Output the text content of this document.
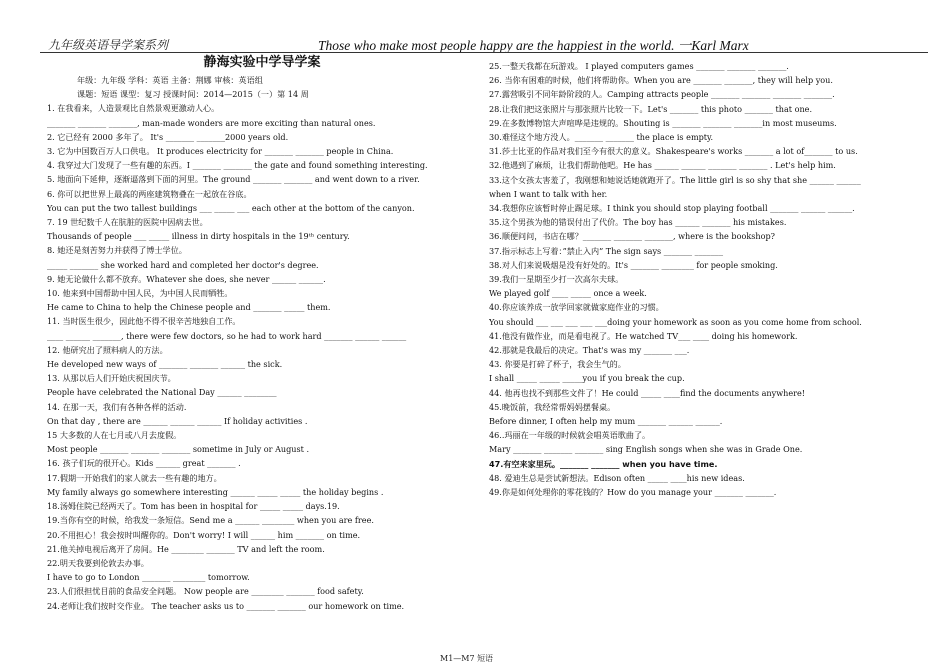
九年级英语导学案系列	Those who make most people happy are the happiest in the world. 一Karl Marx
静海实验中学导学案
年级：九年级 学科：英语 主备：荆娜 审核：英语组
课题：短语 课型：复习 授课时间：2014—2015（一）第 14 周
1. 在我看来，人造景观比自然景观更激动人心。
_______ _______ _______, man-made wonders are more exciting than natural ones.
2. 它已经有 2000 多年了。 It's _______ _______2000 years old.
3. 它为中国数百万人口供电。 It produces electricity for _______ _______ people in China.
4. 我穿过大门发现了一些有趣的东西。I _______ _______ the gate and found something interesting.
5. 地面向下延伸，逐渐逼落到下面的河里。The ground _______ _______ and went down to a river.
6. 你可以把世界上最高的两座建筑物叠在一起放在谷底。
You can put the two tallest buildings ___ _____ ___ each other at the bottom of the canyon.
7. 19 世纪数千人在肮脏的医院中因病去世。
Thousands of people ___ _____ illness in dirty hospitals in the 19ᵗʰ century.
8. 她还是刻苦努力并获得了博士学位。
_____ _______ she worked hard and completed her doctor's degree.
9. 她无论做什么都不放弃。Whatever she does, she never ______ ______.
10. 他来到中国帮助中国人民，为中国人民而牺牲。
He came to China to help the Chinese people and _______ _____ them.
11. 当时医生很少，因此他不得不很辛苦地独自工作。
____ ______ _______, there were few doctors, so he had to work hard _______ ______ ______
12. 他研究出了照料病人的方法。
He developed new ways of _______ _______ ______ the sick.
13. 从那以后人们开始庆祝国庆节。
People have celebrated the National Day ______ ________
14. 在那一天，我们有各种各样的活动.
On that day , there are ______ ______ ______ If holiday activities .
15 大多数的人在七月或八月去度假。
Most people _______ _______ _______ sometime in July or August .
16. 孩子们玩的很开心。Kids ______ great _______ .
17.假期一开始我们的家人就去一些有趣的地方。
My family always go somewhere interesting ______ _____ _____ the holiday begins .
18.汤姆住院已经两天了。Tom has been in hospital for _____ _____ days.19.
19.当你有空的时候，给我发一条短信。Send me a ______ ________ when you are free.
20.不用担心！我会按时叫醒你的。Don't worry! I will ______ him _______ on time.
21.他关掉电视后离开了房间。He ________ _______ TV and left the room.
22.明天我要到伦敦去办事。
I have to go to London _______ ________ tomorrow.
23.人们很担忧目前的食品安全问题。 Now people are ________ _______ food safety.
24.老师让我们按时交作业。 The teacher asks us to _______ _______ our homework on time.
25.一整天我都在玩游戏。 I played computers games _______ _______ _______.
26. 当你有困难的时候，他们将帮助你。When you are _______ _______, they will help you.
27.露营吸引不同年龄阶段的人。Camping attracts people _______ _______ _______ _______.
28.让我们把这张照片与那张照片比较一下。Let's _______ this photo _______ that one.
29.在多数博物馆大声喧哗是违规的。Shouting is _______ _______ _______in most museums.
30.难怪这个地方没人。_______ _______ the place is empty.
31.莎士比亚的作品对我们至今有很大的意义。Shakespeare's works _______ a lot of_______ to us.
32.他遇到了麻烦，让我们帮助他吧。He has ______ ______ _______ _______ . Let's help him.
33.这个女孩太害羞了，我刚想和她说话她就跑开了。The little girl is so shy that she ______ ______
when I want to talk with her.
34.我想你应该暂时停止踢足球。I think you should stop playing football _______ ______ ______.
35.这个男孩为他的错误付出了代价。The boy has ______ _______ his mistakes.
36.顺便问问，书店在哪？_______ _______ _______, where is the bookshop?
37.指示标志上写着：”禁止入内” The sign says _______ _______
38.对人们来说吸烟是没有好处的。It's _______ ________ for people smoking.
39.我们一星期至少打一次高尔夫球。
We played golf ____ _____ once a week.
40.你应该养成一放学回家就做家庭作业的习惯。
You should ___ ___ ___ ___ ___doing your homework as soon as you come home from school.
41.他没有做作业，而是看电视了。He watched TV___ ____ doing his homework.
42.那就是我最后的决定。That's was my _______ ___.
43. 你要是打碎了杯子，我会生气的。
I shall _____ _____ _____you if you break the cup.
44. 他再也找不到那些文件了！He could _____ ____find the documents anywhere!
45.晚饭前，我经常帮妈妈摆餐桌。
Before dinner, I often help my mum _______ ______ ______.
46..玛丽在一年级的时候就会唱英语歌曲了。
Mary _______ _______ _______ sing English songs when she was in Grade One.
47.有空来家里玩。_______ _______ when you have time.
48. 爱迪生总是尝试新想法。Edison often _____ ____his new ideas.
49.你是如何处理你的零花钱的？How do you manage your _______ _______.
M1—M7 短语
